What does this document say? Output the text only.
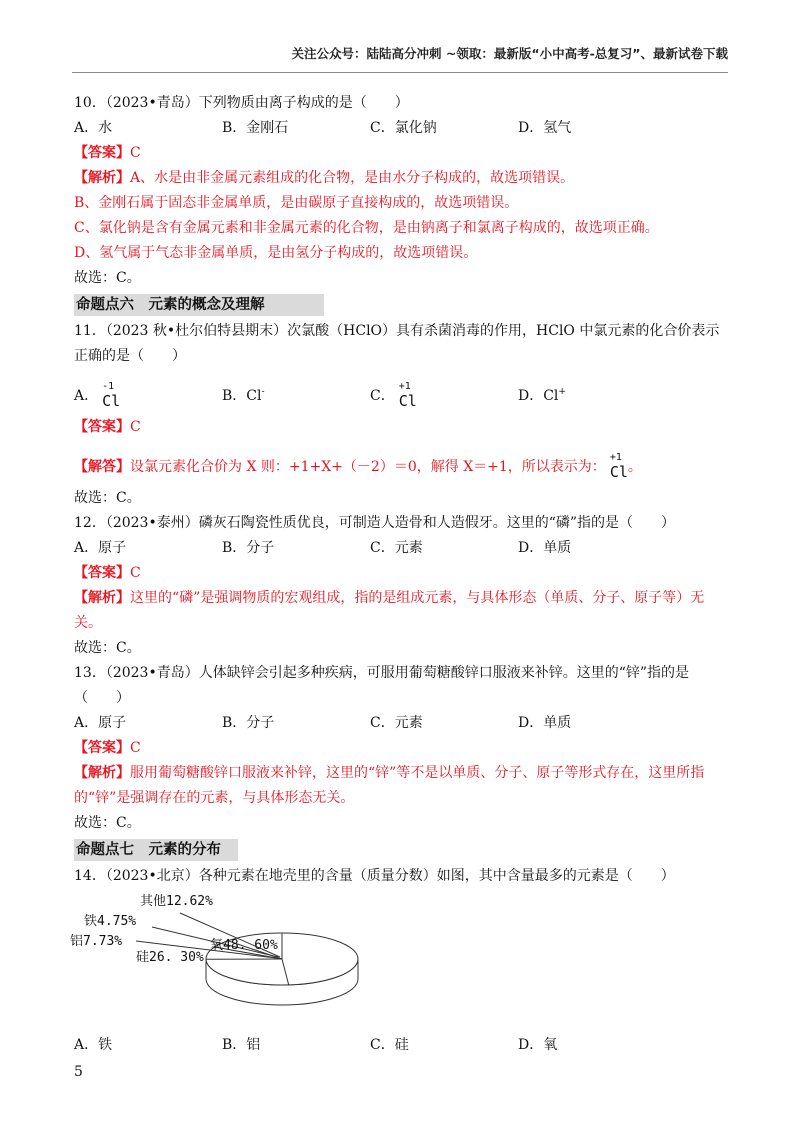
关注公众号：陆陆高分冲刺 ~领取：最新版“小中高考-总复习”、最新试卷下载
10．（2023•青岛）下列物质由离子构成的是（　　）
A．水	B．金刚石	C．氯化钠	D．氢气
【答案】C
【解析】A、水是由非金属元素组成的化合物，是由水分子构成的，故选项错误。
B、金刚石属于固态非金属单质，是由碳原子直接构成的，故选项错误。
C、氯化钠是含有金属元素和非金属元素的化合物，是由钠离子和氯离子构成的，故选项正确。
D、氢气属于气态非金属单质，是由氢分子构成的，故选项错误。
故选：C。
命题点六　元素的概念及理解
11．（2023 秋•杜尔伯特县期末）次氯酸（HClO）具有杀菌消毒的作用，HClO 中氯元素的化合价表示正确的是（　　）
A．
-1
Cl	B．Cl-	C．
+1
Cl	D．Cl+
【答案】C
【解答】设氯元素化合价为 X 则：+1+X+（－2）＝0，解得 X＝+1，所以表示为：
+1
Cl 。
故选：C。
12．（2023•泰州）磷灰石陶瓷性质优良，可制造人造骨和人造假牙。这里的“磷”指的是（　　）
A．原子	B．分子	C．元素	D．单质
【答案】C
【解析】这里的“磷”是强调物质的宏观组成，指的是组成元素，与具体形态（单质、分子、原子等）无关。
故选：C。
13．（2023•青岛）人体缺锌会引起多种疾病，可服用葡萄糖酸锌口服液来补锌。这里的“锌”指的是（　　）
A．原子	B．分子	C．元素	D．单质
【答案】C
【解析】服用葡萄糖酸锌口服液来补锌，这里的“锌”等不是以单质、分子、原子等形式存在，这里所指的“锌”是强调存在的元素，与具体形态无关。
故选：C。
命题点七　元素的分布
14．（2023•北京）各种元素在地壳里的含量（质量分数）如图，其中含量最多的元素是（　　）
其他12.62%
铁4.75%
铝7.73%
硅26. 30%
氧48. 60%
A．铁	B．铝	C．硅	D．氧
5
